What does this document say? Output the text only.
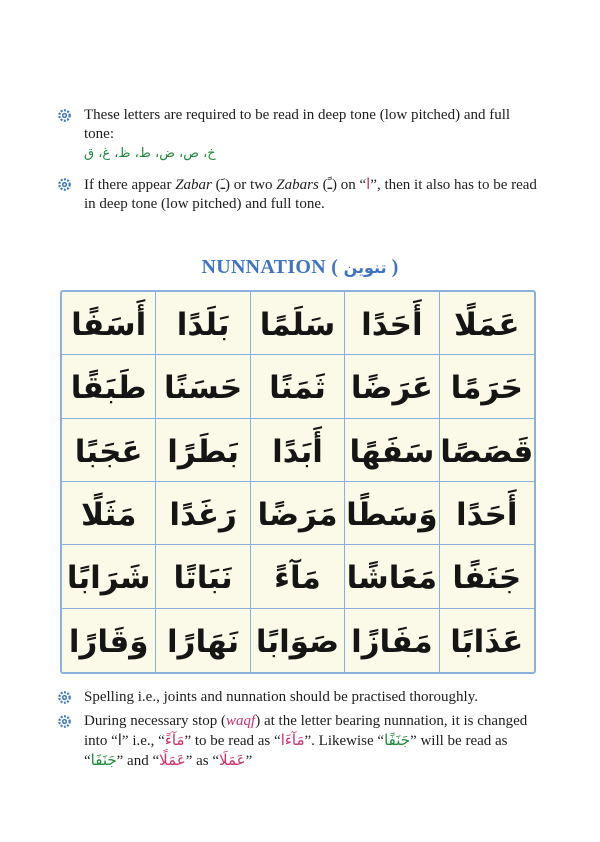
These letters are required to be read in deep tone (low pitched) and full tone:
خ، ص، ض، ط، ظ، غ، ق
If there appear Zabar (ـَ) or two Zabars (ـً) on “ا”, then it also has to be read in deep tone (low pitched) and full tone.
NUNNATION ( تنوین )
أَسَفًا بَلَدًا سَلَمًا أَحَدًا	عَمَلًا
طَبَقًا حَسَنًا ثَمَنًا عَرَضًا حَرَمًا
عَجَبًا بَطَرًا	أَبَدًا سَفَهًا قَصَصًا
مَثَلًا	رَغَدًا مَرَضًا وَسَطًا أَحَدًا
شَرَابًا نَبَاتًا	مَآءً مَعَاشًا جَنَفًا
وَقَارًا نَهَارًا صَوَابًا مَفَازًا عَذَابًا
Spelling i.e., joints and nunnation should be practised thoroughly.
During necessary stop (waqf) at the letter bearing nunnation, it is changed into “ا” i.e., “مَآءً” to be read as “مَآءَا”. Likewise “جَنَفًا” will be read as “جَنَفَا” and “عَمَلًا” as “عَمَلَا”
